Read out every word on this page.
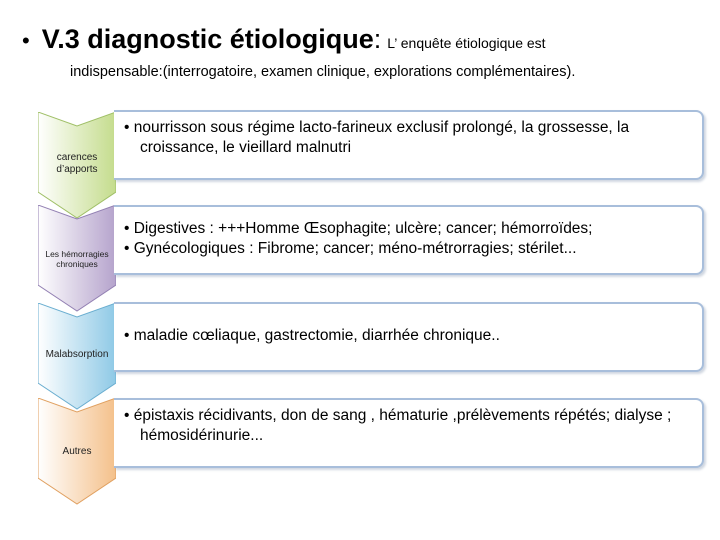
• V.3 diagnostic étiologique: L’ enquête étiologique est
indispensable:(interrogatoire, examen clinique, explorations complémentaires).
carences d’apports
• nourrisson sous régime lacto-farineux exclusif prolongé, la grossesse, la croissance, le vieillard malnutri
Les hémorragies chroniques
• Digestives : +++Homme Œsophagite; ulcère; cancer; hémorroïdes;
• Gynécologiques : Fibrome; cancer; méno-métrorragies; stérilet...
Malabsorption
• maladie cœliaque, gastrectomie, diarrhée chronique..
Autres
• épistaxis récidivants, don de sang , hématurie ,prélèvements répétés; dialyse ; hémosidérinurie...
